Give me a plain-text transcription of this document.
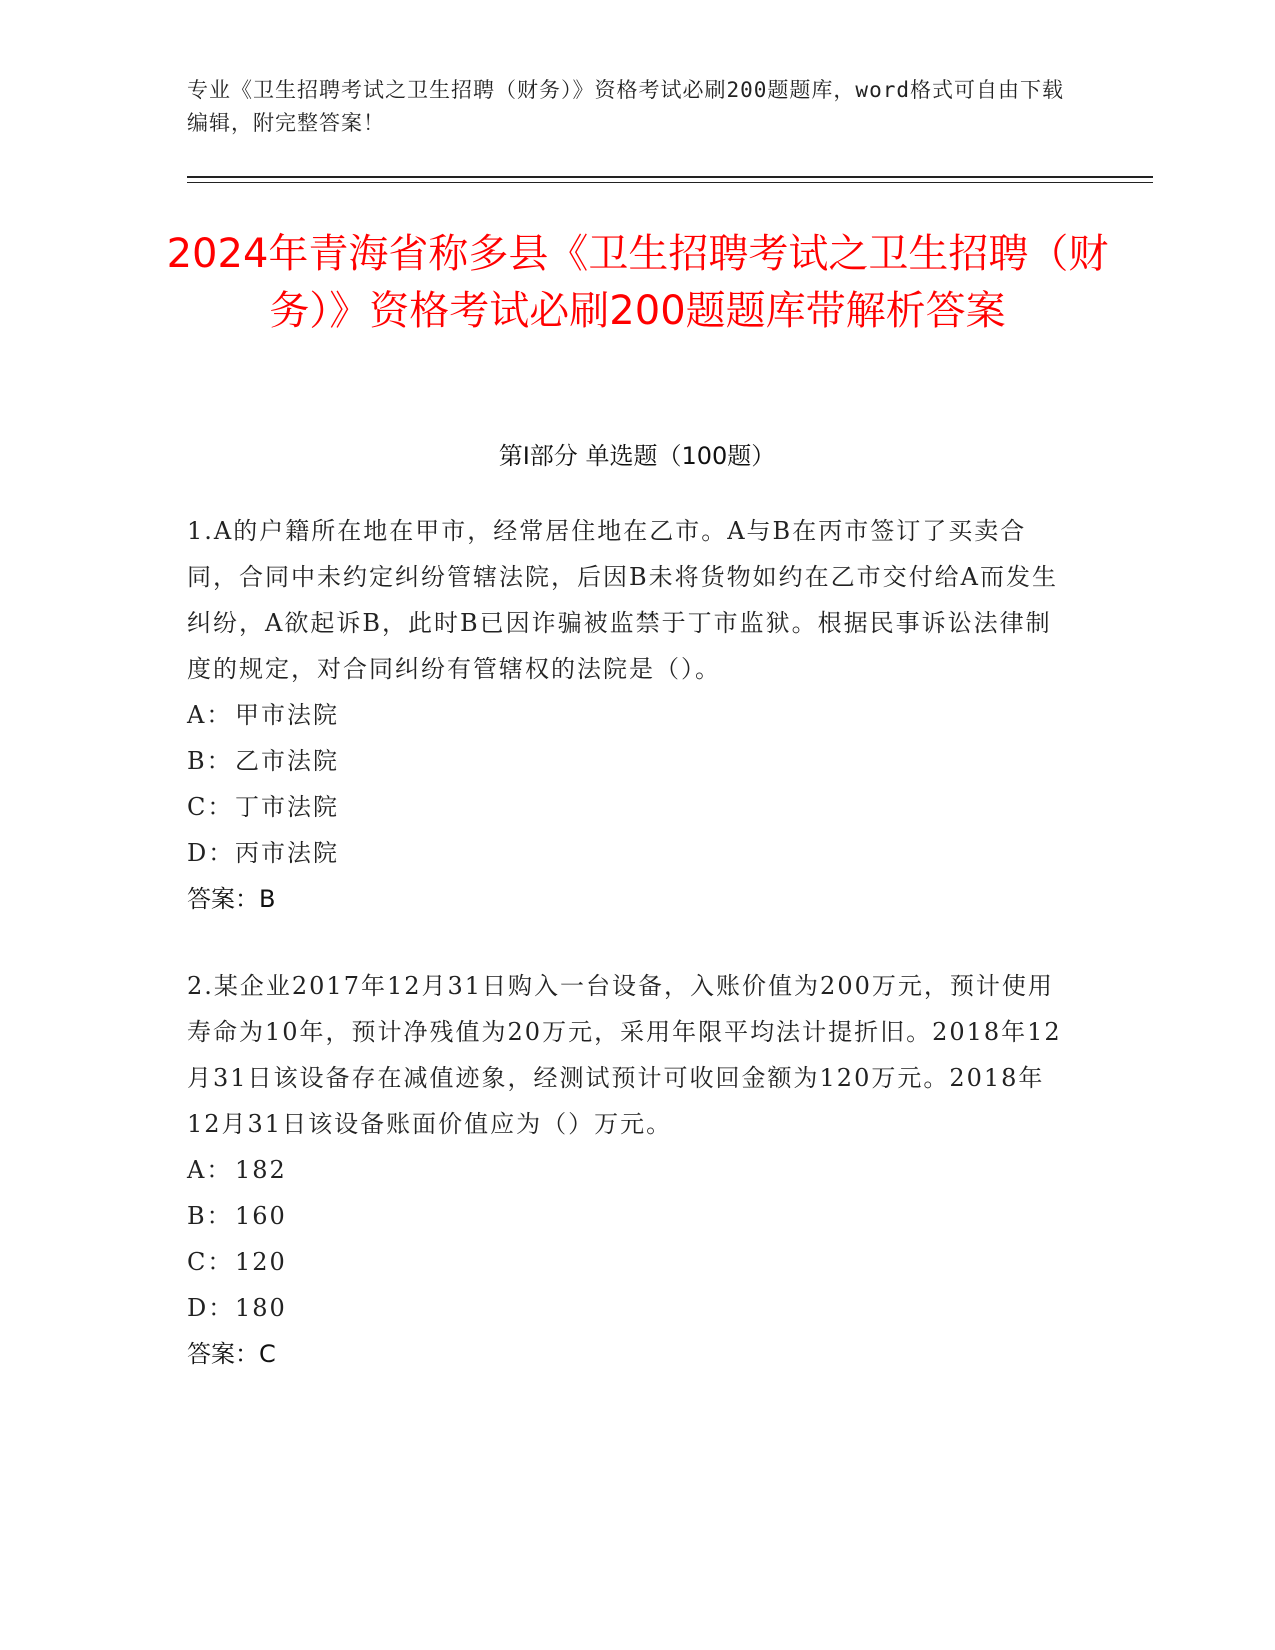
专业《卫生招聘考试之卫生招聘（财务）》资格考试必刷200题题库，word格式可自由下载编辑，附完整答案！
2024年青海省称多县《卫生招聘考试之卫生招聘（财务）》资格考试必刷200题题库带解析答案
第I部分 单选题（100题）

1.A的户籍所在地在甲市，经常居住地在乙市。A与B在丙市签订了买卖合同，合同中未约定纠纷管辖法院，后因B未将货物如约在乙市交付给A而发生纠纷，A欲起诉B，此时B已因诈骗被监禁于丁市监狱。根据民事诉讼法律制度的规定，对合同纠纷有管辖权的法院是（）。

A： 甲市法院
B： 乙市法院
C： 丁市法院
D： 丙市法院
答案：B

2.某企业2017年12月31日购入一台设备，入账价值为200万元，预计使用寿命为10年，预计净残值为20万元，采用年限平均法计提折旧。2018年12月31日该设备存在减值迹象，经测试预计可收回金额为120万元。2018年12月31日该设备账面价值应为（）万元。

A： 182
B： 160
C： 120
D： 180
答案：C
